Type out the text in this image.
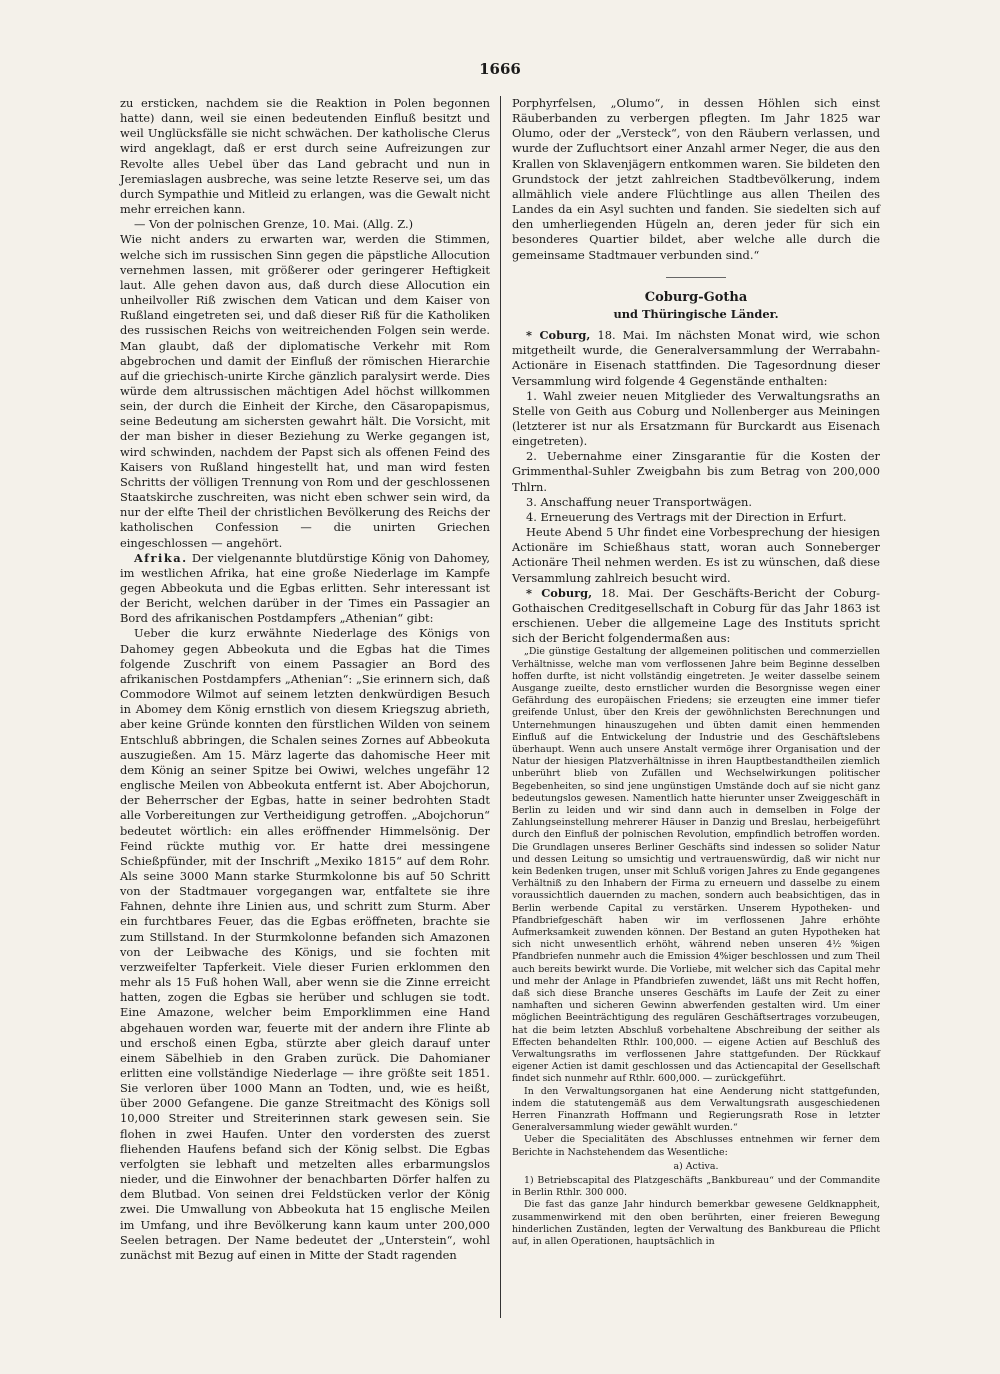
1666

zu ersticken, nachdem sie die Reaktion in Polen begonnen hatte) dann, weil sie einen bedeutenden Einfluß besitzt und weil Unglücksfälle sie nicht schwächen. Der katholische Clerus wird angeklagt, daß er erst durch seine Aufreizungen zur Revolte alles Uebel über das Land gebracht und nun in Jeremiaslagen ausbreche, was seine letzte Reserve sei, um das durch Sympathie und Mitleid zu erlangen, was die Gewalt nicht mehr erreichen kann.

— Von der polnischen Grenze, 10. Mai. (Allg. Z.)

Wie nicht anders zu erwarten war, werden die Stimmen, welche sich im russischen Sinn gegen die päpstliche Allocution vernehmen lassen, mit größerer oder geringerer Heftigkeit laut. Alle gehen davon aus, daß durch diese Allocution ein unheilvoller Riß zwischen dem Vatican und dem Kaiser von Rußland eingetreten sei, und daß dieser Riß für die Katholiken des russischen Reichs von weitreichenden Folgen sein werde. Man glaubt, daß der diplomatische Verkehr mit Rom abgebrochen und damit der Einfluß der römischen Hierarchie auf die griechisch-unirte Kirche gänzlich paralysirt werde. Dies würde dem altrussischen mächtigen Adel höchst willkommen sein, der durch die Einheit der Kirche, den Cäsaropapismus, seine Bedeutung am sichersten gewahrt hält. Die Vorsicht, mit der man bisher in dieser Beziehung zu Werke gegangen ist, wird schwinden, nachdem der Papst sich als offenen Feind des Kaisers von Rußland hingestellt hat, und man wird festen Schritts der völligen Trennung von Rom und der geschlossenen Staatskirche zuschreiten, was nicht eben schwer sein wird, da nur der elfte Theil der christlichen Bevölkerung des Reichs der katholischen Confession — die unirten Griechen eingeschlossen — angehört.

Afrika. Der vielgenannte blutdürstige König von Dahomey, im westlichen Afrika, hat eine große Niederlage im Kampfe gegen Abbeokuta und die Egbas erlitten. Sehr interessant ist der Bericht, welchen darüber in der Times ein Passagier an Bord des afrikanischen Postdampfers „Athenian“ gibt:

Ueber die kurz erwähnte Niederlage des Königs von Dahomey gegen Abbeokuta und die Egbas hat die Times folgende Zuschrift von einem Passagier an Bord des afrikanischen Postdampfers „Athenian“: „Sie erinnern sich, daß Commodore Wilmot auf seinem letzten denkwürdigen Besuch in Abomey dem König ernstlich von diesem Kriegszug abrieth, aber keine Gründe konnten den fürstlichen Wilden von seinem Entschluß abbringen, die Schalen seines Zornes auf Abbeokuta auszugießen. Am 15. März lagerte das dahomische Heer mit dem König an seiner Spitze bei Owiwi, welches ungefähr 12 englische Meilen von Abbeokuta entfernt ist. Aber Abojchorun, der Beherrscher der Egbas, hatte in seiner bedrohten Stadt alle Vorbereitungen zur Vertheidigung getroffen. „Abojchorun“ bedeutet wörtlich: ein alles eröffnender Himmelsönig. Der Feind rückte muthig vor. Er hatte drei messingene Schießpfünder, mit der Inschrift „Mexiko 1815“ auf dem Rohr. Als seine 3000 Mann starke Sturmkolonne bis auf 50 Schritt von der Stadtmauer vorgegangen war, entfaltete sie ihre Fahnen, dehnte ihre Linien aus, und schritt zum Sturm. Aber ein furchtbares Feuer, das die Egbas eröffneten, brachte sie zum Stillstand. In der Sturmkolonne befanden sich Amazonen von der Leibwache des Königs, und sie fochten mit verzweifelter Tapferkeit. Viele dieser Furien erklommen den mehr als 15 Fuß hohen Wall, aber wenn sie die Zinne erreicht hatten, zogen die Egbas sie herüber und schlugen sie todt. Eine Amazone, welcher beim Emporklimmen eine Hand abgehauen worden war, feuerte mit der andern ihre Flinte ab und erschoß einen Egba, stürzte aber gleich darauf unter einem Säbelhieb in den Graben zurück. Die Dahomianer erlitten eine vollständige Niederlage — ihre größte seit 1851. Sie verloren über 1000 Mann an Todten, und, wie es heißt, über 2000 Gefangene. Die ganze Streitmacht des Königs soll 10,000 Streiter und Streiterinnen stark gewesen sein. Sie flohen in zwei Haufen. Unter den vordersten des zuerst fliehenden Haufens befand sich der König selbst. Die Egbas verfolgten sie lebhaft und metzelten alles erbarmungslos nieder, und die Einwohner der benachbarten Dörfer halfen zu dem Blutbad. Von seinen drei Feldstücken verlor der König zwei. Die Umwallung von Abbeokuta hat 15 englische Meilen im Umfang, und ihre Bevölkerung kann kaum unter 200,000 Seelen betragen. Der Name bedeutet der „Unterstein“, wohl zunächst mit Bezug auf einen in Mitte der Stadt ragenden

Porphyrfelsen, „Olumo“, in dessen Höhlen sich einst Räuberbanden zu verbergen pflegten. Im Jahr 1825 war Olumo, oder der „Versteck“, von den Räubern verlassen, und wurde der Zufluchtsort einer Anzahl armer Neger, die aus den Krallen von Sklavenjägern entkommen waren. Sie bildeten den Grundstock der jetzt zahlreichen Stadtbevölkerung, indem allmählich viele andere Flüchtlinge aus allen Theilen des Landes da ein Asyl suchten und fanden. Sie siedelten sich auf den umherliegenden Hügeln an, deren jeder für sich ein besonderes Quartier bildet, aber welche alle durch die gemeinsame Stadtmauer verbunden sind.“

Coburg-Gotha
und Thüringische Länder.

* Coburg, 18. Mai. Im nächsten Monat wird, wie schon mitgetheilt wurde, die Generalversammlung der Werrabahn-Actionäre in Eisenach stattfinden. Die Tagesordnung dieser Versammlung wird folgende 4 Gegenstände enthalten:

1. Wahl zweier neuen Mitglieder des Verwaltungsraths an Stelle von Geith aus Coburg und Nollenberger aus Meiningen (letzterer ist nur als Ersatzmann für Burckardt aus Eisenach eingetreten).

2. Uebernahme einer Zinsgarantie für die Kosten der Grimmenthal-Suhler Zweigbahn bis zum Betrag von 200,000 Thlrn.

3. Anschaffung neuer Transportwägen.

4. Erneuerung des Vertrags mit der Direction in Erfurt.

Heute Abend 5 Uhr findet eine Vorbesprechung der hiesigen Actionäre im Schießhaus statt, woran auch Sonneberger Actionäre Theil nehmen werden. Es ist zu wünschen, daß diese Versammlung zahlreich besucht wird.

* Coburg, 18. Mai. Der Geschäfts-Bericht der Coburg-Gothaischen Creditgesellschaft in Coburg für das Jahr 1863 ist erschienen. Ueber die allgemeine Lage des Instituts spricht sich der Bericht folgendermaßen aus:

„Die günstige Gestaltung der allgemeinen politischen und commerziellen Verhältnisse, welche man vom verflossenen Jahre beim Beginne desselben hoffen durfte, ist nicht vollständig eingetreten. Je weiter dasselbe seinem Ausgange zueilte, desto ernstlicher wurden die Besorgnisse wegen einer Gefährdung des europäischen Friedens; sie erzeugten eine immer tiefer greifende Unlust, über den Kreis der gewöhnlichsten Berechnungen und Unternehmungen hinauszugehen und übten damit einen hemmenden Einfluß auf die Entwickelung der Industrie und des Geschäftslebens überhaupt. Wenn auch unsere Anstalt vermöge ihrer Organisation und der Natur der hiesigen Platzverhältnisse in ihren Hauptbestandtheilen ziemlich unberührt blieb von Zufällen und Wechselwirkungen politischer Begebenheiten, so sind jene ungünstigen Umstände doch auf sie nicht ganz bedeutungslos gewesen. Namentlich hatte hierunter unser Zweiggeschäft in Berlin zu leiden und wir sind dann auch in demselben in Folge der Zahlungseinstellung mehrerer Häuser in Danzig und Breslau, herbeigeführt durch den Einfluß der polnischen Revolution, empfindlich betroffen worden. Die Grundlagen unseres Berliner Geschäfts sind indessen so solider Natur und dessen Leitung so umsichtig und vertrauenswürdig, daß wir nicht nur kein Bedenken trugen, unser mit Schluß vorigen Jahres zu Ende gegangenes Verhältniß zu den Inhabern der Firma zu erneuern und dasselbe zu einem voraussichtlich dauernden zu machen, sondern auch beabsichtigen, das in Berlin werbende Capital zu verstärken. Unserem Hypotheken- und Pfandbriefgeschäft haben wir im verflossenen Jahre erhöhte Aufmerksamkeit zuwenden können. Der Bestand an guten Hypotheken hat sich nicht unwesentlich erhöht, während neben unseren 4½ %igen Pfandbriefen nunmehr auch die Emission 4%iger beschlossen und zum Theil auch bereits bewirkt wurde. Die Vorliebe, mit welcher sich das Capital mehr und mehr der Anlage in Pfandbriefen zuwendet, läßt uns mit Recht hoffen, daß sich diese Branche unseres Geschäfts im Laufe der Zeit zu einer namhaften und sicheren Gewinn abwerfenden gestalten wird. Um einer möglichen Beeinträchtigung des regulären Geschäftsertrages vorzubeugen, hat die beim letzten Abschluß vorbehaltene Abschreibung der seither als Effecten behandelten Rthlr. 100,000. — eigene Actien auf Beschluß des Verwaltungsraths im verflossenen Jahre stattgefunden. Der Rückkauf eigener Actien ist damit geschlossen und das Actiencapital der Gesellschaft findet sich nunmehr auf Rthlr. 600,000. — zurückgeführt.

In den Verwaltungsorganen hat eine Aenderung nicht stattgefunden, indem die statutengemäß aus dem Verwaltungsrath ausgeschiedenen Herren Finanzrath Hoffmann und Regierungsrath Rose in letzter Generalversammlung wieder gewählt wurden.“

Ueber die Specialitäten des Abschlusses entnehmen wir ferner dem Berichte in Nachstehendem das Wesentliche:

a) Activa.

1) Betriebscapital des Platzgeschäfts „Bankbureau“ und der Commandite in Berlin Rthlr. 300 000.

Die fast das ganze Jahr hindurch bemerkbar gewesene Geldknappheit, zusammenwirkend mit den oben berührten, einer freieren Bewegung hinderlichen Zuständen, legten der Verwaltung des Bankbureau die Pflicht auf, in allen Operationen, hauptsächlich in
